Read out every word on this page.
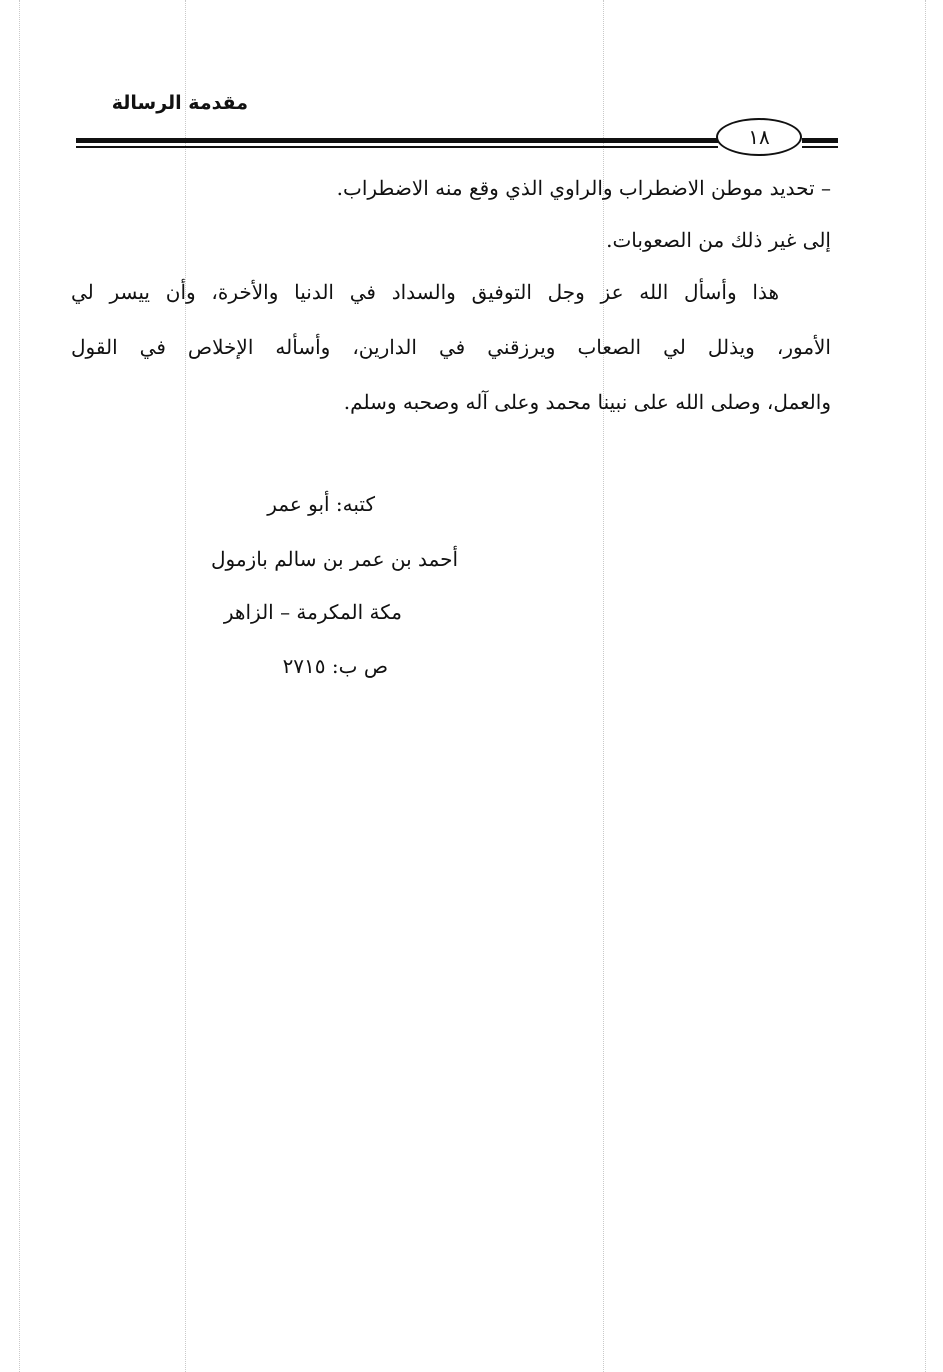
مقدمة الرسالة
١٨
– تحديد موطن الاضطراب والراوي الذي وقع منه الاضطراب.
إلى غير ذلك من الصعوبات.
هذا وأسأل الله عز وجل التوفيق والسداد في الدنيا والأخرة، وأن ييسر لي
الأمور، ويذلل لي الصعاب ويرزقني في الدارين، وأسأله الإخلاص في القول
والعمل، وصلى الله على نبينا محمد وعلى آله وصحبه وسلم.
كتبه: أبو عمر
أحمد بن عمر بن سالم بازمول
مكة المكرمة – الزاهر
ص ب: ٢٧١٥
